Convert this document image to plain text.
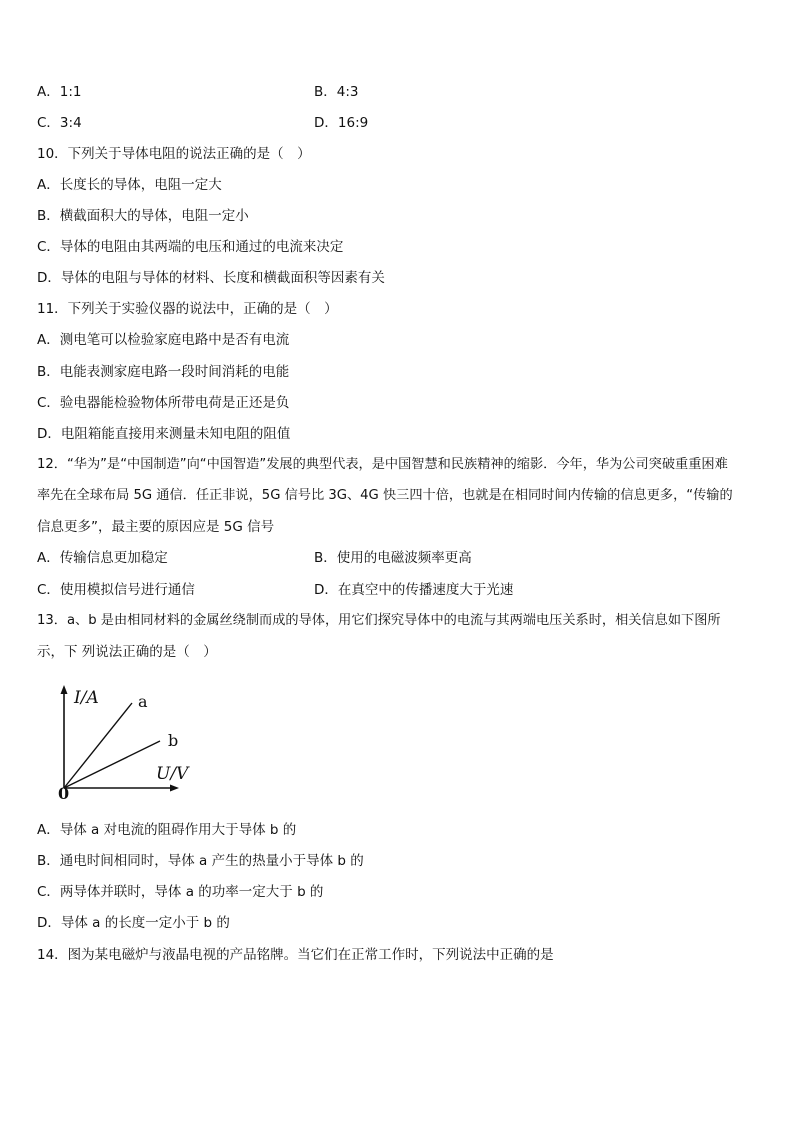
A．1:1	B．4:3
C．3:4	D．16:9
10．下列关于导体电阻的说法正确的是（　）
A．长度长的导体，电阻一定大
B．横截面积大的导体，电阻一定小
C．导体的电阻由其两端的电压和通过的电流来决定
D．导体的电阻与导体的材料、长度和横截面积等因素有关
11．下列关于实验仪器的说法中，正确的是（　）
A．测电笔可以检验家庭电路中是否有电流
B．电能表测家庭电路一段时间消耗的电能
C．验电器能检验物体所带电荷是正还是负
D．电阻箱能直接用来测量未知电阻的阻值
12．“华为”是“中国制造”向“中国智造”发展的典型代表，是中国智慧和民族精神的缩影．今年，华为公司突破重重困难
率先在全球布局 5G 通信．任正非说，5G 信号比 3G、4G 快三四十倍，也就是在相同时间内传输的信息更多，“传输的
信息更多”，最主要的原因应是 5G 信号
A．传输信息更加稳定	B．使用的电磁波频率更高
C．使用模拟信号进行通信	D．在真空中的传播速度大于光速
13．a、b 是由相同材料的金属丝绕制而成的导体，用它们探究导体中的电流与其两端电压关系时，相关信息如下图所
示，下 列说法正确的是（　）
I/A
U/V
0
a
b
A．导体 a 对电流的阻碍作用大于导体 b 的
B．通电时间相同时，导体 a 产生的热量小于导体 b 的
C．两导体并联时，导体 a 的功率一定大于 b 的
D．导体 a 的长度一定小于 b 的
14．图为某电磁炉与液晶电视的产品铭牌。当它们在正常工作时，下列说法中正确的是
